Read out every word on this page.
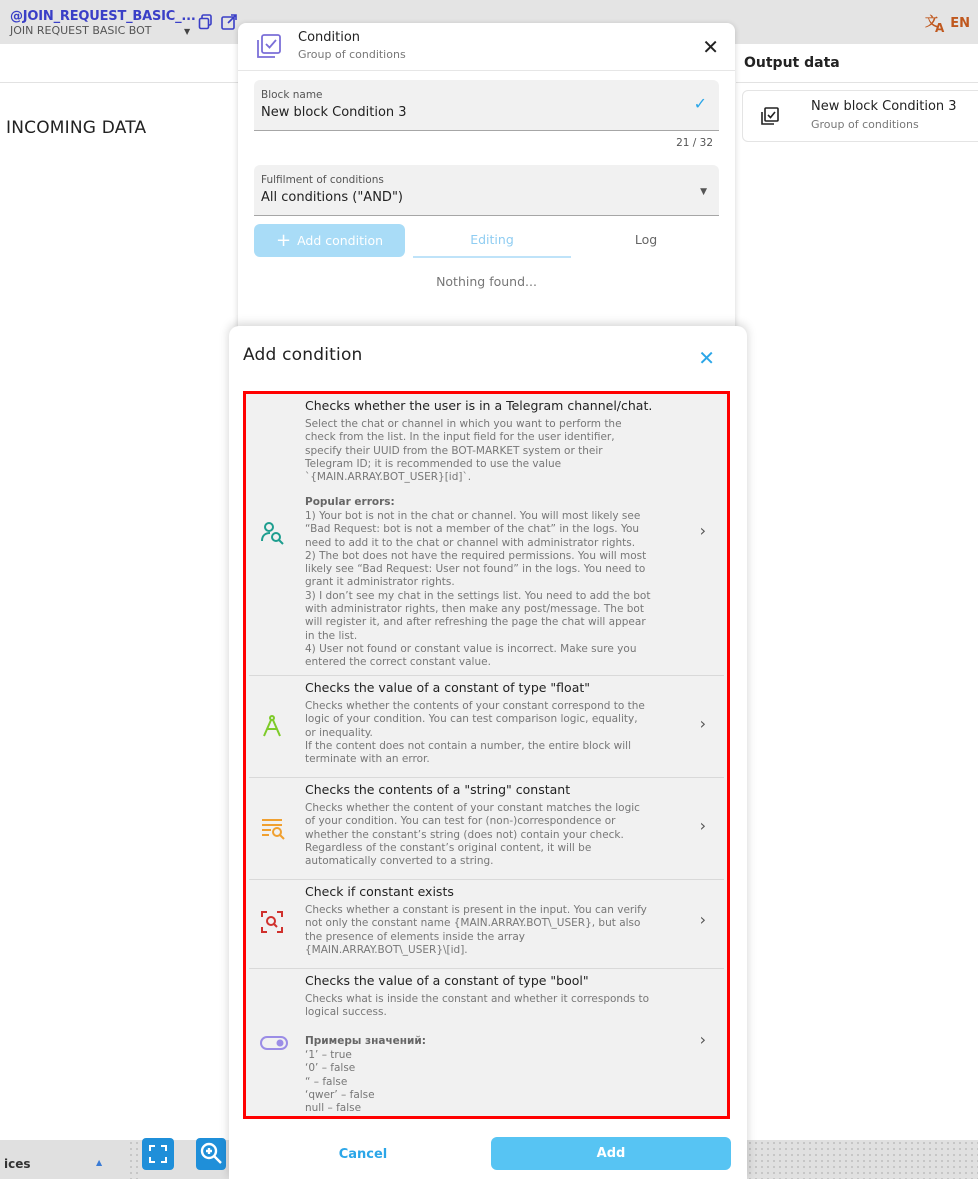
@JOIN_REQUEST_BASIC_...
JOIN REQUEST BASIC BOT	▼
文
A EN
INCOMING DATA
Output data
New block Condition 3
Group of conditions
ices	▲
Condition
Group of conditions	✕
Block name
New block Condition 3	✓
21 / 32
Fulfilment of conditions
All conditions ("AND")	▼
+ Add condition	Editing	Log
Nothing found...
Add condition	✕
Checks whether the user is in a Telegram channel/chat.
Select the chat or channel in which you want to perform the
check from the list. In the input field for the user identifier,
specify their UUID from the BOT-MARKET system or their
Telegram ID; it is recommended to use the value
`{MAIN.ARRAY.BOT_USER}[id]`.
Popular errors:
1) Your bot is not in the chat or channel. You will most likely see
“Bad Request: bot is not a member of the chat” in the logs. You
need to add it to the chat or channel with administrator rights.
2) The bot does not have the required permissions. You will most
likely see “Bad Request: User not found” in the logs. You need to
grant it administrator rights.
3) I don’t see my chat in the settings list. You need to add the bot
with administrator rights, then make any post/message. The bot
will register it, and after refreshing the page the chat will appear
in the list.
4) User not found or constant value is incorrect. Make sure you
entered the correct constant value.
›
Checks the value of a constant of type "float"
Checks whether the contents of your constant correspond to the
logic of your condition. You can test comparison logic, equality,
or inequality.
If the content does not contain a number, the entire block will
terminate with an error.
›
Checks the contents of a "string" constant
Checks whether the content of your constant matches the logic
of your condition. You can test for (non-)correspondence or
whether the constant’s string (does not) contain your check.
Regardless of the constant’s original content, it will be
automatically converted to a string.
›
Check if constant exists
Checks whether a constant is present in the input. You can verify
not only the constant name {MAIN.ARRAY.BOT\_USER}, but also
the presence of elements inside the array
{MAIN.ARRAY.BOT\_USER}\[id].
›
Checks the value of a constant of type "bool"
Checks what is inside the constant and whether it corresponds to
logical success.
Примеры значений:
‘1’ – true
‘0’ – false
“ – false
‘qwer’ – false
null – false
›
Cancel	Add
